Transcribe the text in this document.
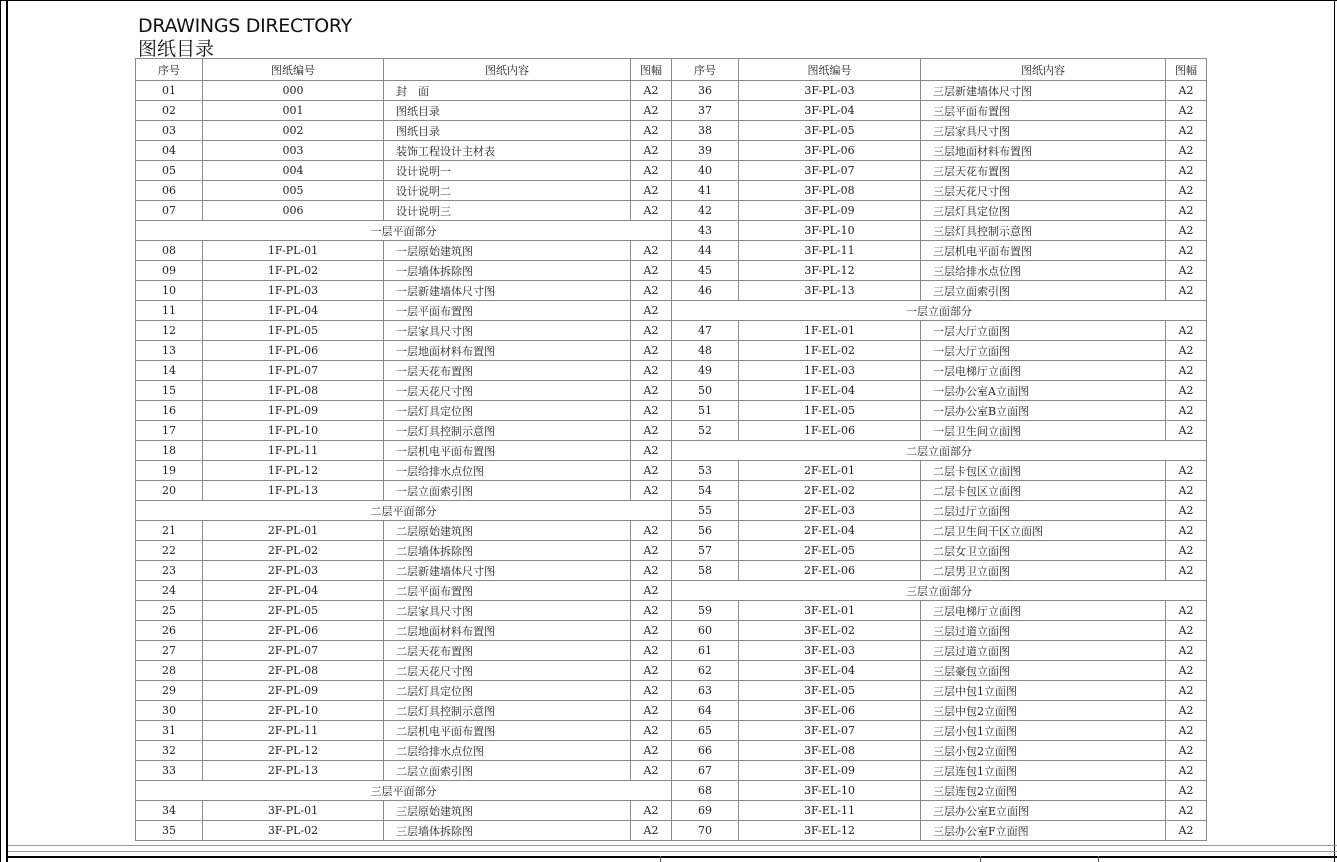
DRAWINGS DIRECTORY
图纸目录
序号	图纸编号	图纸内容	图幅
01	000	封　面	A2
02	001	图纸目录	A2
03	002	图纸目录	A2
04	003	装饰工程设计主材表	A2
05	004	设计说明一	A2
06	005	设计说明二	A2
07	006	设计说明三	A2
一层平面部分			
08	1F-PL-01	一层原始建筑图	A2
09	1F-PL-02	一层墙体拆除图	A2
10	1F-PL-03	一层新建墙体尺寸图	A2
11	1F-PL-04	一层平面布置图	A2
12	1F-PL-05	一层家具尺寸图	A2
13	1F-PL-06	一层地面材料布置图	A2
14	1F-PL-07	一层天花布置图	A2
15	1F-PL-08	一层天花尺寸图	A2
16	1F-PL-09	一层灯具定位图	A2
17	1F-PL-10	一层灯具控制示意图	A2
18	1F-PL-11	一层机电平面布置图	A2
19	1F-PL-12	一层给排水点位图	A2
20	1F-PL-13	一层立面索引图	A2
二层平面部分			
21	2F-PL-01	二层原始建筑图	A2
22	2F-PL-02	二层墙体拆除图	A2
23	2F-PL-03	二层新建墙体尺寸图	A2
24	2F-PL-04	二层平面布置图	A2
25	2F-PL-05	二层家具尺寸图	A2
26	2F-PL-06	二层地面材料布置图	A2
27	2F-PL-07	二层天花布置图	A2
28	2F-PL-08	二层天花尺寸图	A2
29	2F-PL-09	二层灯具定位图	A2
30	2F-PL-10	二层灯具控制示意图	A2
31	2F-PL-11	二层机电平面布置图	A2
32	2F-PL-12	二层给排水点位图	A2
33	2F-PL-13	二层立面索引图	A2
三层平面部分			
34	3F-PL-01	三层原始建筑图	A2
35	3F-PL-02	三层墙体拆除图	A2
序号	图纸编号	图纸内容	图幅
36	3F-PL-03	三层新建墙体尺寸图	A2
37	3F-PL-04	三层平面布置图	A2
38	3F-PL-05	三层家具尺寸图	A2
39	3F-PL-06	三层地面材料布置图	A2
40	3F-PL-07	三层天花布置图	A2
41	3F-PL-08	三层天花尺寸图	A2
42	3F-PL-09	三层灯具定位图	A2
43	3F-PL-10	三层灯具控制示意图	A2
44	3F-PL-11	三层机电平面布置图	A2
45	3F-PL-12	三层给排水点位图	A2
46	3F-PL-13	三层立面索引图	A2
一层立面部分			
47	1F-EL-01	一层大厅立面图	A2
48	1F-EL-02	一层大厅立面图	A2
49	1F-EL-03	一层电梯厅立面图	A2
50	1F-EL-04	一层办公室A立面图	A2
51	1F-EL-05	一层办公室B立面图	A2
52	1F-EL-06	一层卫生间立面图	A2
二层立面部分			
53	2F-EL-01	二层卡包区立面图	A2
54	2F-EL-02	二层卡包区立面图	A2
55	2F-EL-03	二层过厅立面图	A2
56	2F-EL-04	二层卫生间干区立面图	A2
57	2F-EL-05	二层女卫立面图	A2
58	2F-EL-06	二层男卫立面图	A2
三层立面部分			
59	3F-EL-01	三层电梯厅立面图	A2
60	3F-EL-02	三层过道立面图	A2
61	3F-EL-03	三层过道立面图	A2
62	3F-EL-04	三层豪包立面图	A2
63	3F-EL-05	三层中包1立面图	A2
64	3F-EL-06	三层中包2立面图	A2
65	3F-EL-07	三层小包1立面图	A2
66	3F-EL-08	三层小包2立面图	A2
67	3F-EL-09	三层连包1立面图	A2
68	3F-EL-10	三层连包2立面图	A2
69	3F-EL-11	三层办公室E立面图	A2
70	3F-EL-12	三层办公室F立面图	A2
